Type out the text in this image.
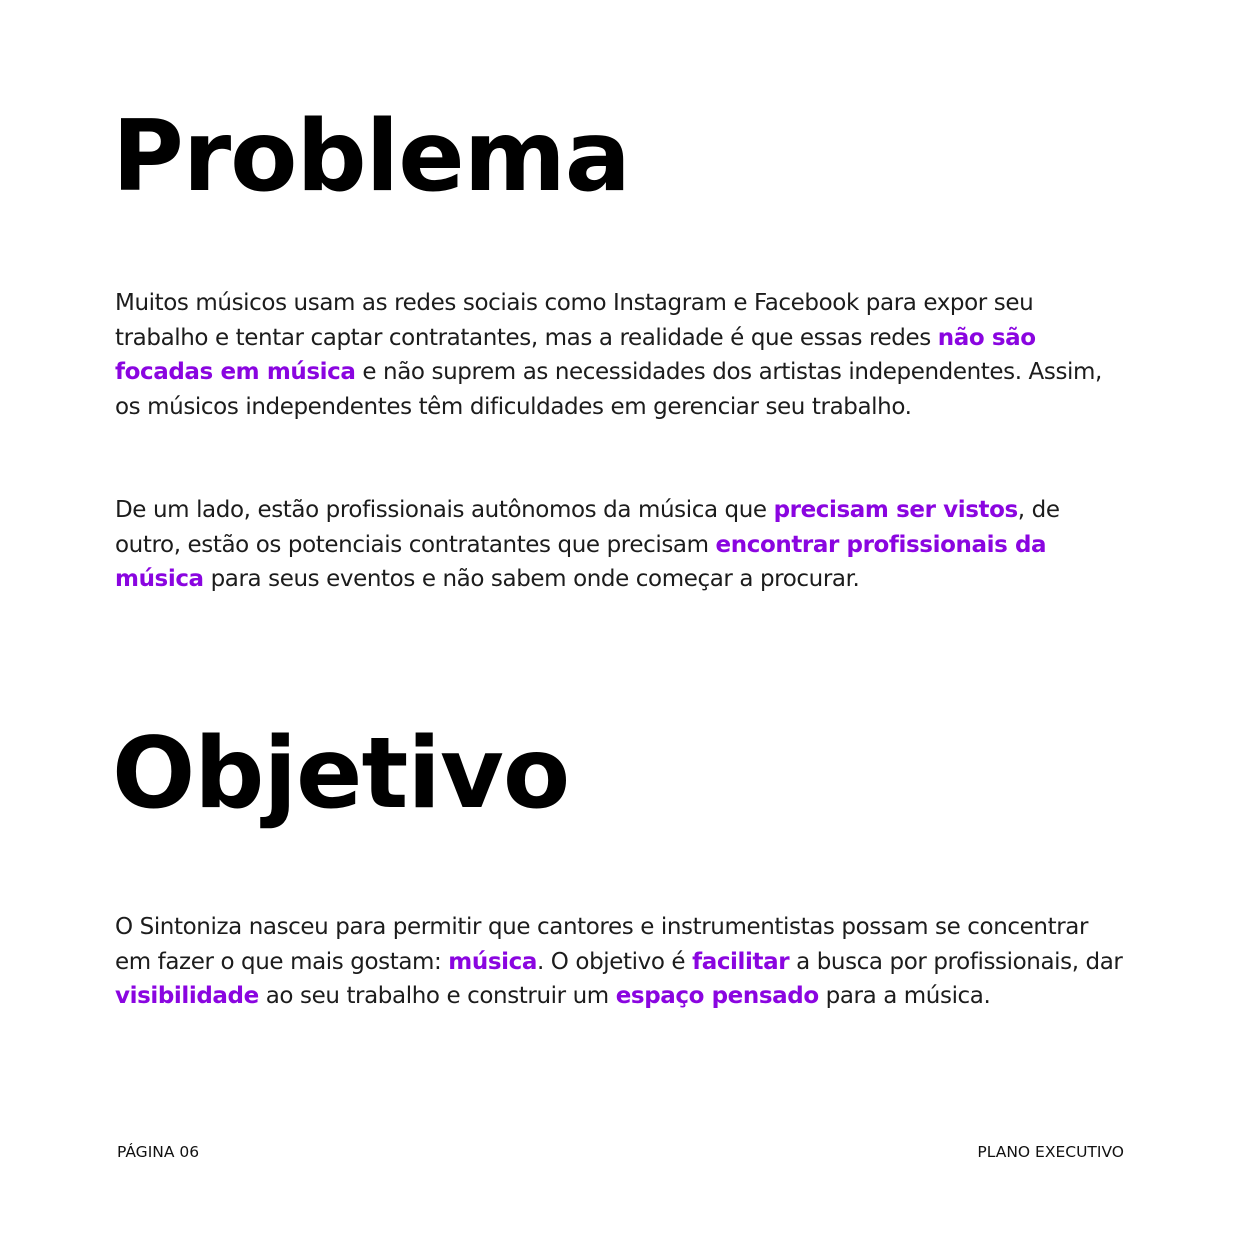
Problema

Muitos músicos usam as redes sociais como Instagram e Facebook para expor seu trabalho e tentar captar contratantes, mas a realidade é que essas redes não são focadas em música e não suprem as necessidades dos artistas independentes. Assim, os músicos independentes têm dificuldades em gerenciar seu trabalho.

De um lado, estão profissionais autônomos da música que precisam ser vistos, de outro, estão os potenciais contratantes que precisam encontrar profissionais da música para seus eventos e não sabem onde começar a procurar.

Objetivo

O Sintoniza nasceu para permitir que cantores e instrumentistas possam se concentrar em fazer o que mais gostam: música. O objetivo é facilitar a busca por profissionais, dar visibilidade ao seu trabalho e construir um espaço pensado para a música.

PÁGINA 06	PLANO EXECUTIVO
